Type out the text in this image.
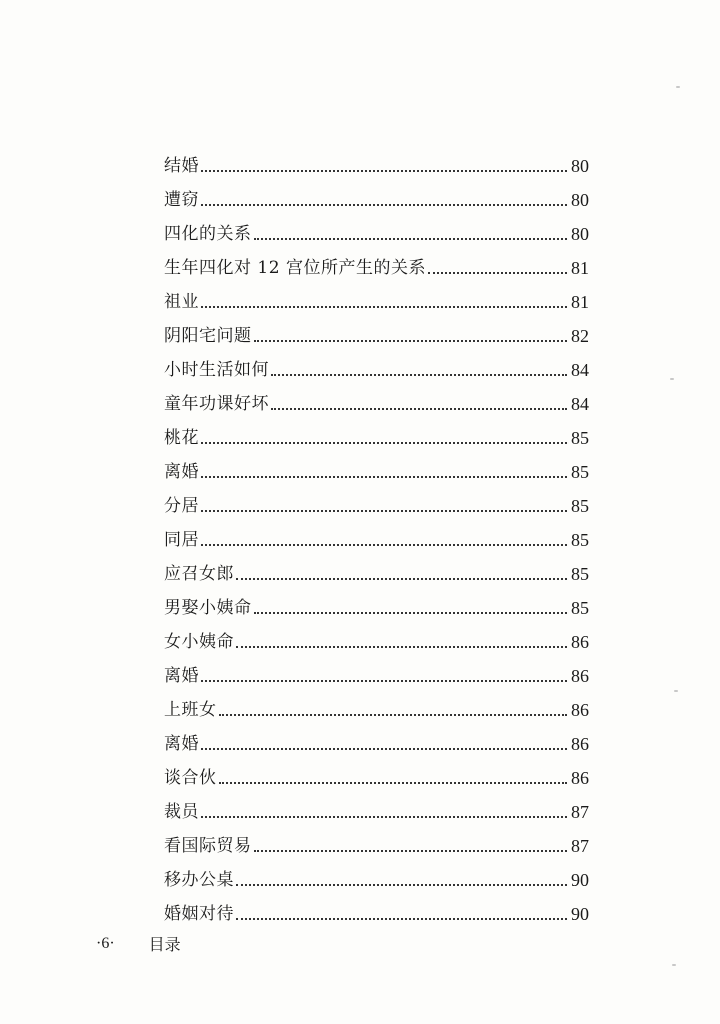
结婚	80
遭窃	80
四化的关系	80
生年四化对 12 宫位所产生的关系	81
祖业	81
阴阳宅问题	82
小时生活如何	84
童年功课好坏	84
桃花	85
离婚	85
分居	85
同居	85
应召女郎	85
男娶小姨命	85
女小姨命	86
离婚	86
上班女	86
离婚	86
谈合伙	86
裁员	87
看国际贸易	87
移办公桌	90
婚姻对待	90
·6· 目录
